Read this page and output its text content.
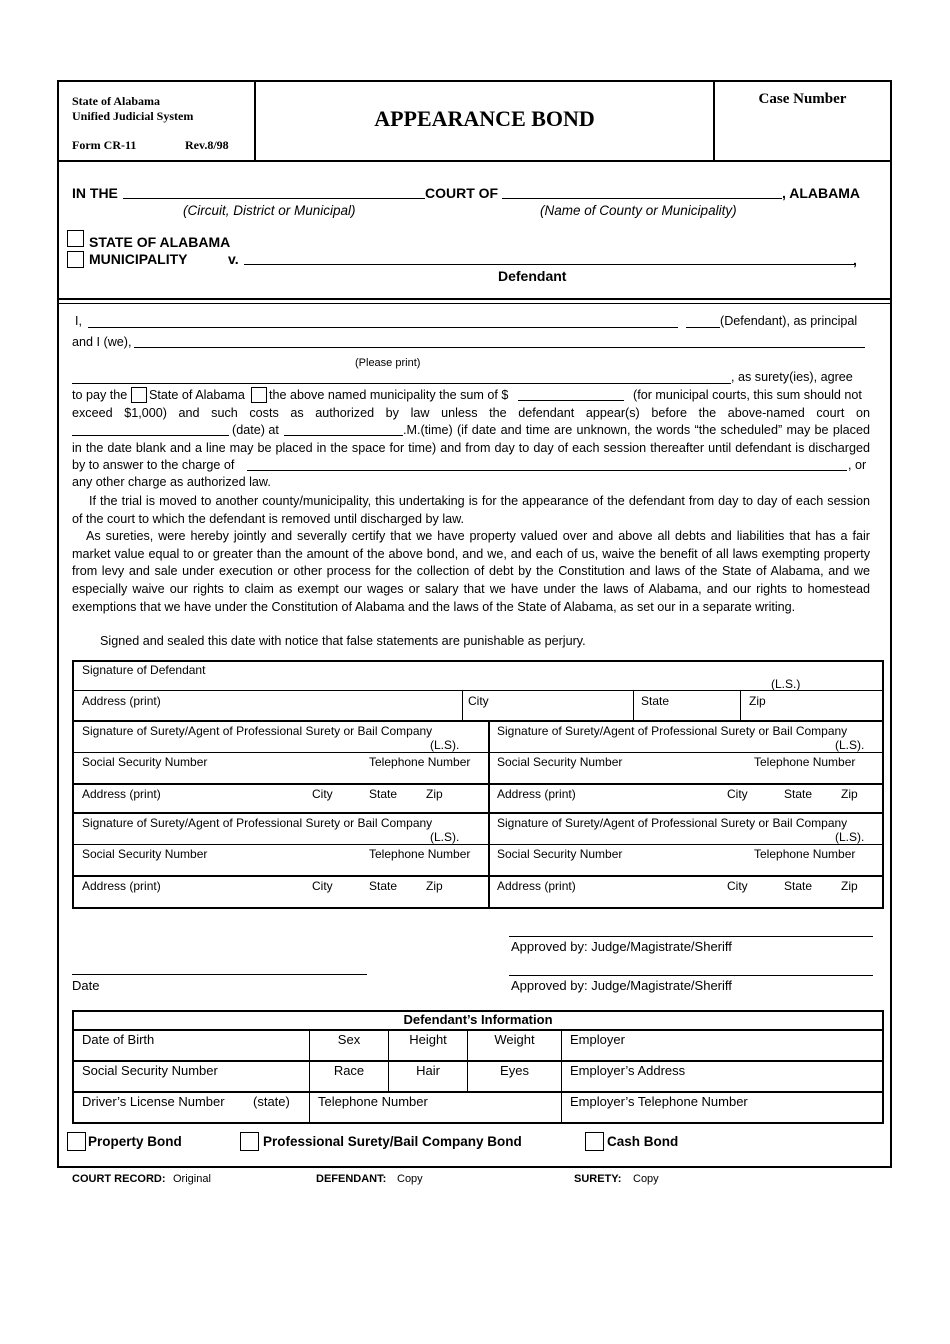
State of Alabama
Unified Judicial System
Form CR-11	Rev.8/98
APPEARANCE BOND
Case Number
IN THE	COURT OF	, ALABAMA
(Circuit, District or Municipal)	(Name of County or Municipality)
STATE OF ALABAMA
MUNICIPALITY	v.	,
Defendant
I,	(Defendant), as principal
and I (we),
(Please print)
, as surety(ies), agree
to pay the State of Alabama the above named municipality the sum of $	(for municipal courts, this sum should not
exceed $1,000) and such costs as authorized by law unless the defendant appear(s) before the above-named court on
(date) at	.M.(time) (if date and time are unknown, the words “the scheduled” may be placed
in the date blank and a line may be placed in the space for time) and from day to day of each session thereafter until defendant is discharged
by to answer to the charge of	, or
any other charge as authorized law.
If the trial is moved to another county/municipality, this undertaking is for the appearance of the defendant from day to day of each session of the court to which the defendant is removed until discharged by law.
As sureties, were hereby jointly and severally certify that we have property valued over and above all debts and liabilities that has a fair market value equal to or greater than the amount of the above bond, and we, and each of us, waive the benefit of all laws exempting property from levy and sale under execution or other process for the collection of debt by the Constitution and laws of the State of Alabama, and we especially waive our rights to claim as exempt our wages or salary that we have under the laws of Alabama, and our rights to homestead exemptions that we have under the Constitution of Alabama and the laws of the State of Alabama, as set our in a separate writing.
Signed and sealed this date with notice that false statements are punishable as perjury.
Signature of Defendant
(L.S.)
Address (print)	City	State	Zip
Signature of Surety/Agent of Professional Surety or Bail Company
(L.S).
Social Security Number	Telephone Number
Address (print)	City	State Zip
Signature of Surety/Agent of Professional Surety or Bail Company
(L.S).
Social Security Number	Telephone Number
Address (print)	City	State Zip
Signature of Surety/Agent of Professional Surety or Bail Company
(L.S).
Social Security Number	Telephone Number
Address (print)	City	State Zip
Signature of Surety/Agent of Professional Surety or Bail Company
(L.S).
Social Security Number	Telephone Number
Address (print)	City	State Zip
Approved by: Judge/Magistrate/Sheriff
Date	Approved by: Judge/Magistrate/Sheriff
Defendant’s Information
Date of Birth	Sex	Height	Weight	Employer
Social Security Number	Race	Hair	Eyes	Employer’s Address
Driver’s License Number (state) Telephone Number	Employer’s Telephone Number
Property Bond	Professional Surety/Bail Company Bond	Cash Bond
COURT RECORD: Original	DEFENDANT: Copy	SURETY: Copy
